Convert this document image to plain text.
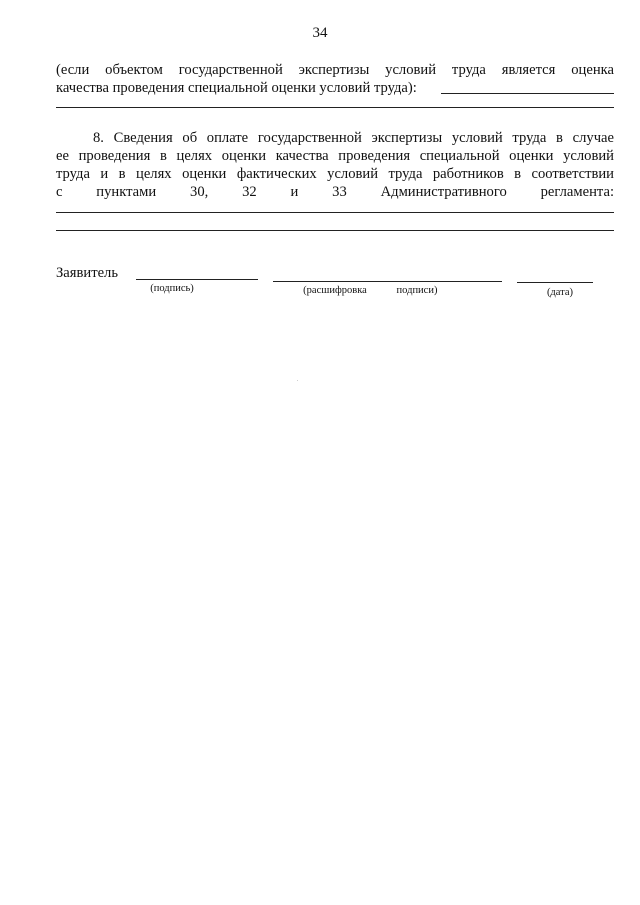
34
(если объектом государственной экспертизы условий труда является оценка
качества проведения специальной оценки условий труда):
8. Сведения об оплате государственной экспертизы условий труда в случае
ее проведения в целях оценки качества проведения специальной оценки условий
труда и в целях оценки фактических условий труда работников в соответствии
с пунктами 30, 32 и 33 Административного регламента:
Заявитель
(подпись)	(расшифровка	подписи)	(дата)
